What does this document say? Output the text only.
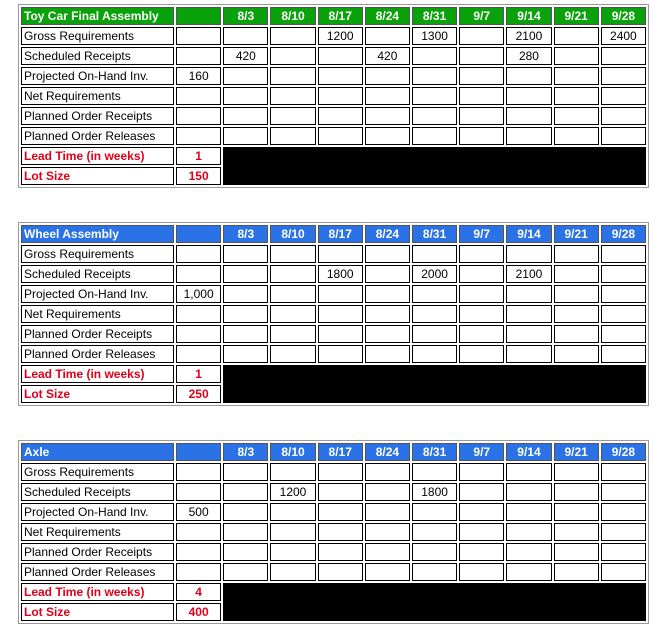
Toy Car Final Assembly		8/3	8/10	8/17	8/24	8/31	9/7	9/14	9/21	9/28
Gross Requirements				1200		1300		2100		2400
Scheduled Receipts		420			420			280		
Projected On-Hand Inv.	160									
Net Requirements										
Planned Order Receipts										
Planned Order Releases										
Lead Time (in weeks)	1									
Lot Size	150									
Wheel Assembly		8/3	8/10	8/17	8/24	8/31	9/7	9/14	9/21	9/28
Gross Requirements										
Scheduled Receipts				1800		2000		2100		
Projected On-Hand Inv.	1,000									
Net Requirements										
Planned Order Receipts										
Planned Order Releases										
Lead Time (in weeks)	1									
Lot Size	250									
Axle		8/3	8/10	8/17	8/24	8/31	9/7	9/14	9/21	9/28
Gross Requirements										
Scheduled Receipts			1200			1800				
Projected On-Hand Inv.	500									
Net Requirements										
Planned Order Receipts										
Planned Order Releases										
Lead Time (in weeks)	4									
Lot Size	400									
